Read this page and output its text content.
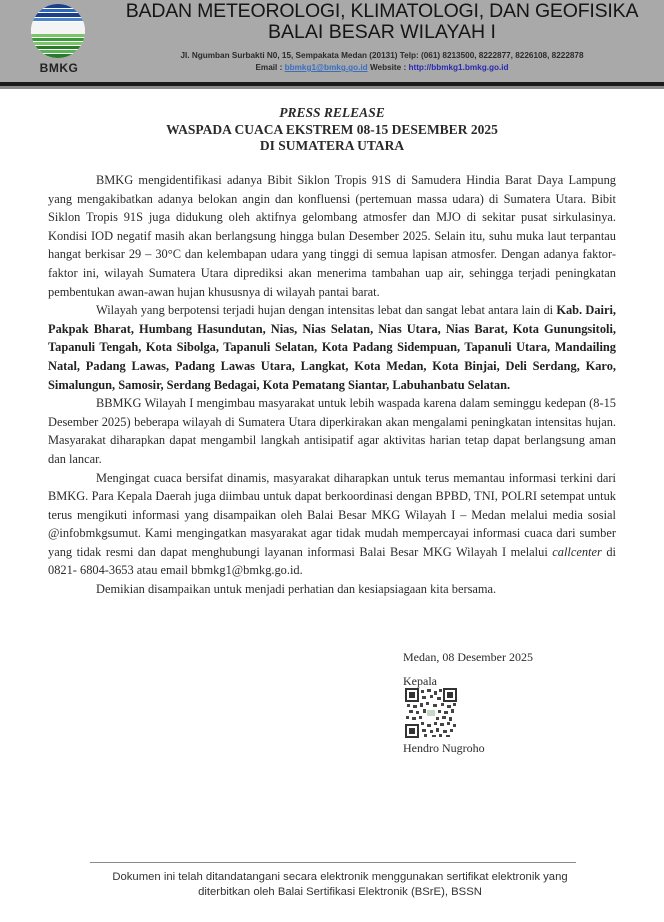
BMKG
BADAN METEOROLOGI, KLIMATOLOGI, DAN GEOFISIKA
BALAI BESAR WILAYAH I
Jl. Ngumban Surbakti N0, 15, Sempakata Medan (20131) Telp: (061) 8213500, 8222877, 8226108, 8222878
Email : bbmkg1@bmkg.go.id Website : http://bbmkg1.bmkg.go.id
PRESS RELEASE
WASPADA CUACA EKSTREM 08-15 DESEMBER 2025
DI SUMATERA UTARA

BMKG mengidentifikasi adanya Bibit Siklon Tropis 91S di Samudera Hindia Barat Daya Lampung yang mengakibatkan adanya belokan angin dan konfluensi (pertemuan massa udara) di Sumatera Utara. Bibit Siklon Tropis 91S juga didukung oleh aktifnya gelombang atmosfer dan MJO di sekitar pusat sirkulasinya. Kondisi IOD negatif masih akan berlangsung hingga bulan Desember 2025. Selain itu, suhu muka laut terpantau hangat berkisar 29 – 30°C dan kelembapan udara yang tinggi di semua lapisan atmosfer. Dengan adanya faktor-faktor ini, wilayah Sumatera Utara diprediksi akan menerima tambahan uap air, sehingga terjadi peningkatan pembentukan awan-awan hujan khususnya di wilayah pantai barat.

Wilayah yang berpotensi terjadi hujan dengan intensitas lebat dan sangat lebat antara lain di Kab. Dairi, Pakpak Bharat, Humbang Hasundutan, Nias, Nias Selatan, Nias Utara, Nias Barat, Kota Gunungsitoli, Tapanuli Tengah, Kota Sibolga, Tapanuli Selatan, Kota Padang Sidempuan, Tapanuli Utara, Mandailing Natal, Padang Lawas, Padang Lawas Utara, Langkat, Kota Medan, Kota Binjai, Deli Serdang, Karo, Simalungun, Samosir, Serdang Bedagai, Kota Pematang Siantar, Labuhanbatu Selatan.

BBMKG Wilayah I mengimbau masyarakat untuk lebih waspada karena dalam seminggu kedepan (8-15 Desember 2025) beberapa wilayah di Sumatera Utara diperkirakan akan mengalami peningkatan intensitas hujan. Masyarakat diharapkan dapat mengambil langkah antisipatif agar aktivitas harian tetap dapat berlangsung aman dan lancar.

Mengingat cuaca bersifat dinamis, masyarakat diharapkan untuk terus memantau informasi terkini dari BMKG. Para Kepala Daerah juga diimbau untuk dapat berkoordinasi dengan BPBD, TNI, POLRI setempat untuk terus mengikuti informasi yang disampaikan oleh Balai Besar MKG Wilayah I – Medan melalui media sosial @infobmkgsumut. Kami mengingatkan masyarakat agar tidak mudah mempercayai informasi cuaca dari sumber yang tidak resmi dan dapat menghubungi layanan informasi Balai Besar MKG Wilayah I melalui callcenter di 0821- 6804-3653 atau email bbmkg1@bmkg.go.id.

Demikian disampaikan untuk menjadi perhatian dan kesiapsiagaan kita bersama.

Medan, 08 Desember 2025
Kepala
Hendro Nugroho
Dokumen ini telah ditandatangani secara elektronik menggunakan sertifikat elektronik yang
diterbitkan oleh Balai Sertifikasi Elektronik (BSrE), BSSN
